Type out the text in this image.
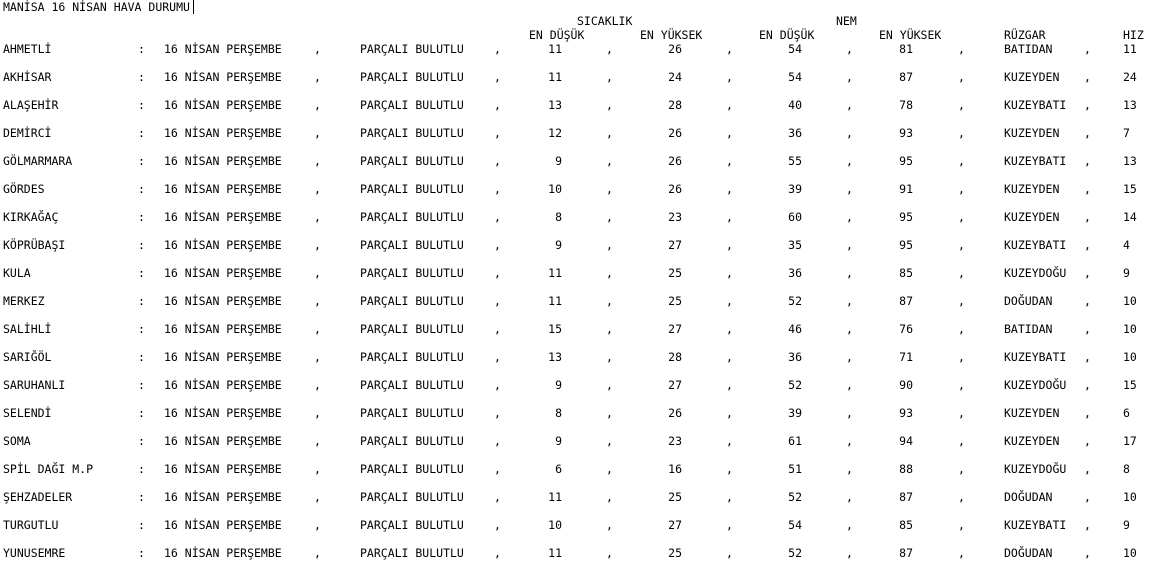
MANİSA 16 NİSAN HAVA DURUMU
SICAKLIK	NEM
EN DÜŞÜK	EN YÜKSEK	EN DÜŞÜK	EN YÜKSEK	RÜZGAR	HIZ
AHMETLİ	: 16 NİSAN PERŞEMBE	,	PARÇALI BULUTLU	,	11	,	26	,	54	,	81	,	BATIDAN	,	11
AKHİSAR	: 16 NİSAN PERŞEMBE	,	PARÇALI BULUTLU	,	11	,	24	,	54	,	87	,	KUZEYDEN ,	24
ALAŞEHİR	: 16 NİSAN PERŞEMBE	,	PARÇALI BULUTLU	,	13	,	28	,	40	,	78	,	KUZEYBATI ,	13
DEMİRCİ	: 16 NİSAN PERŞEMBE	,	PARÇALI BULUTLU	,	12	,	26	,	36	,	93	,	KUZEYDEN ,	7
GÖLMARMARA	: 16 NİSAN PERŞEMBE	,	PARÇALI BULUTLU	,	9	,	26	,	55	,	95	,	KUZEYBATI ,	13
GÖRDES	: 16 NİSAN PERŞEMBE	,	PARÇALI BULUTLU	,	10	,	26	,	39	,	91	,	KUZEYDEN ,	15
KIRKAĞAÇ	: 16 NİSAN PERŞEMBE	,	PARÇALI BULUTLU	,	8	,	23	,	60	,	95	,	KUZEYDEN ,	14
KÖPRÜBAŞI	: 16 NİSAN PERŞEMBE	,	PARÇALI BULUTLU	,	9	,	27	,	35	,	95	,	KUZEYBATI ,	4
KULA	: 16 NİSAN PERŞEMBE	,	PARÇALI BULUTLU	,	11	,	25	,	36	,	85	,	KUZEYDOĞU ,	9
MERKEZ	: 16 NİSAN PERŞEMBE	,	PARÇALI BULUTLU	,	11	,	25	,	52	,	87	,	DOĞUDAN	,	10
SALİHLİ	: 16 NİSAN PERŞEMBE	,	PARÇALI BULUTLU	,	15	,	27	,	46	,	76	,	BATIDAN	,	10
SARIĞÖL	: 16 NİSAN PERŞEMBE	,	PARÇALI BULUTLU	,	13	,	28	,	36	,	71	,	KUZEYBATI ,	10
SARUHANLI	: 16 NİSAN PERŞEMBE	,	PARÇALI BULUTLU	,	9	,	27	,	52	,	90	,	KUZEYDOĞU ,	15
SELENDİ	: 16 NİSAN PERŞEMBE	,	PARÇALI BULUTLU	,	8	,	26	,	39	,	93	,	KUZEYDEN ,	6
SOMA	: 16 NİSAN PERŞEMBE	,	PARÇALI BULUTLU	,	9	,	23	,	61	,	94	,	KUZEYDEN ,	17
SPİL DAĞI M.P	: 16 NİSAN PERŞEMBE	,	PARÇALI BULUTLU	,	6	,	16	,	51	,	88	,	KUZEYDOĞU ,	8
ŞEHZADELER	: 16 NİSAN PERŞEMBE	,	PARÇALI BULUTLU	,	11	,	25	,	52	,	87	,	DOĞUDAN	,	10
TURGUTLU	: 16 NİSAN PERŞEMBE	,	PARÇALI BULUTLU	,	10	,	27	,	54	,	85	,	KUZEYBATI ,	9
YUNUSEMRE	: 16 NİSAN PERŞEMBE	,	PARÇALI BULUTLU	,	11	,	25	,	52	,	87	,	DOĞUDAN	,	10
